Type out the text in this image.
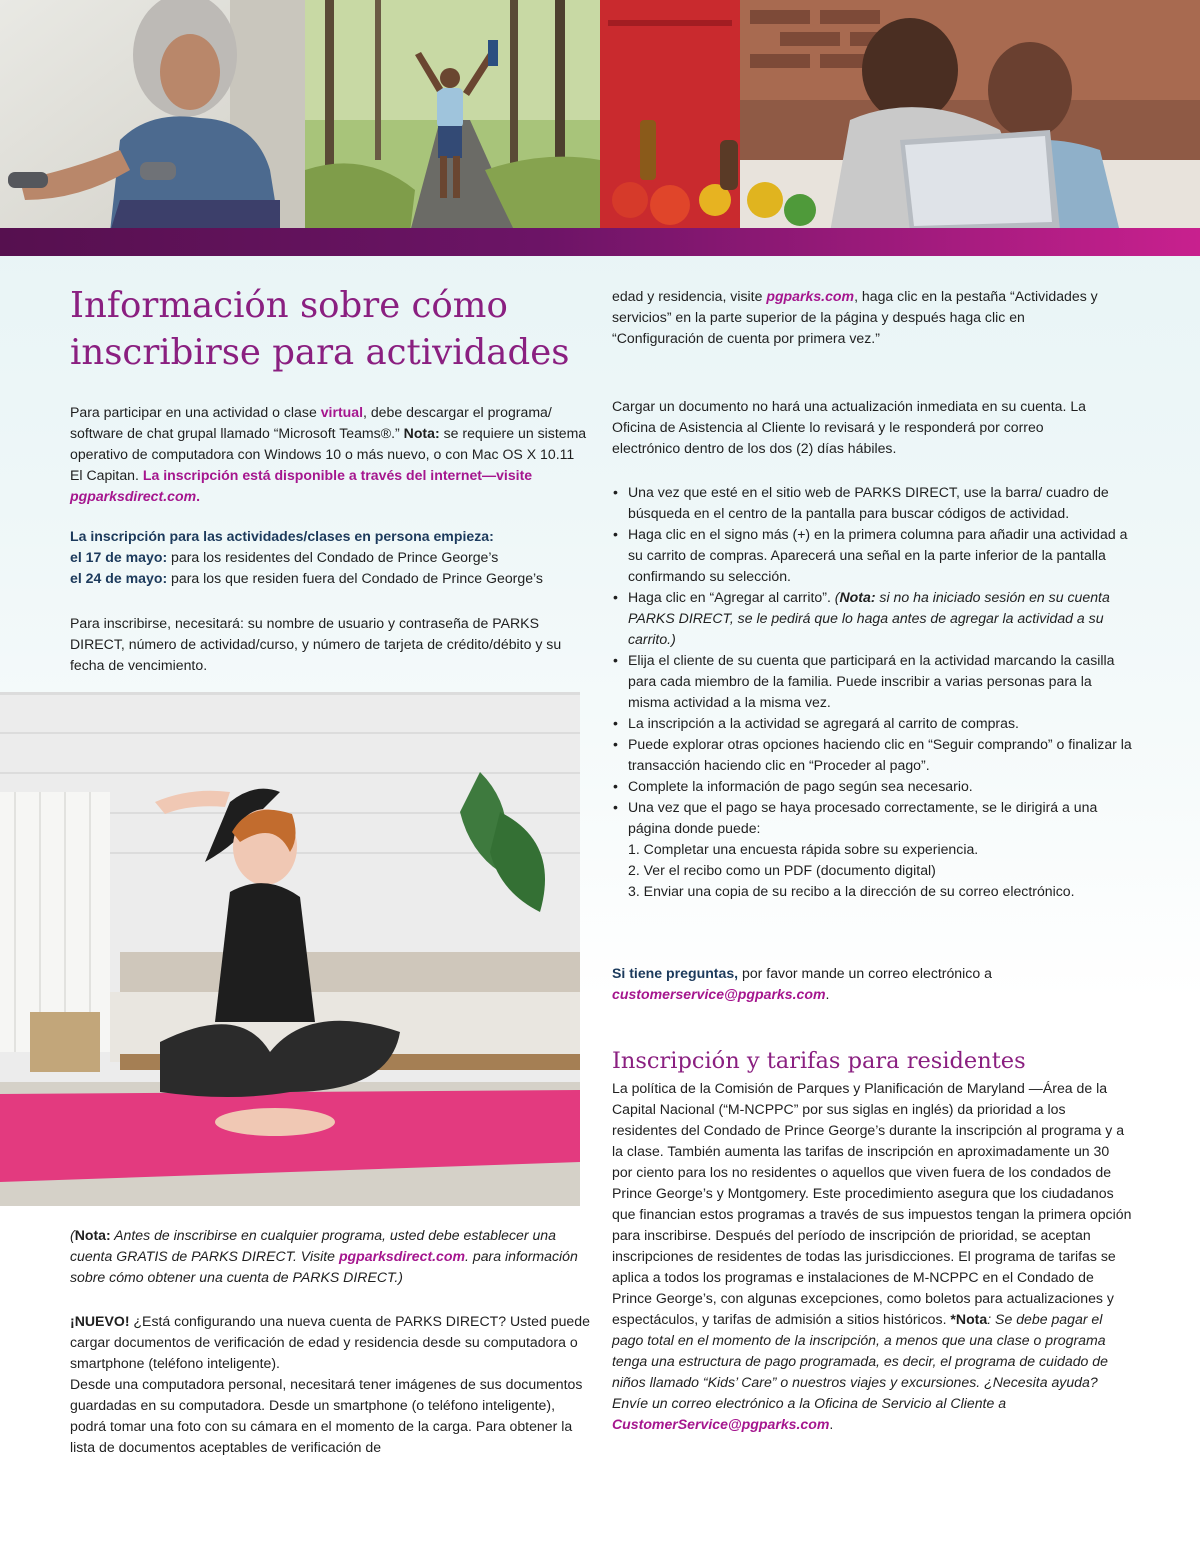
Información sobre cómo
inscribirse para actividades

Para participar en una actividad o clase virtual, debe descargar el programa/ software de chat grupal llamado “Microsoft Teams®.” Nota: se requiere un sistema operativo de computadora con Windows 10 o más nuevo, o con Mac OS X 10.11 El Capitan. La inscripción está disponible a través del internet—visite pgparksdirect.com.

La inscripción para las actividades/clases en persona empieza:

el 17 de mayo: para los residentes del Condado de Prince George’s

el 24 de mayo: para los que residen fuera del Condado de Prince George’s

Para inscribirse, necesitará: su nombre de usuario y contraseña de PARKS DIRECT, número de actividad/curso, y número de tarjeta de crédito/débito y su fecha de vencimiento.

(Nota: Antes de inscribirse en cualquier programa, usted debe establecer una cuenta GRATIS de PARKS DIRECT. Visite pgparksdirect.com. para información sobre cómo obtener una cuenta de PARKS DIRECT.)

¡NUEVO! ¿Está configurando una nueva cuenta de PARKS DIRECT? Usted puede cargar documentos de verificación de edad y residencia desde su computadora o smartphone (teléfono inteligente).

Desde una computadora personal, necesitará tener imágenes de sus documentos guardadas en su computadora. Desde un smartphone (o teléfono inteligente), podrá tomar una foto con su cámara en el momento de la carga. Para obtener la lista de documentos aceptables de verificación de

edad y residencia, visite pgparks.com, haga clic en la pestaña “Actividades y servicios” en la parte superior de la página y después haga clic en “Configuración de cuenta por primera vez.”

Cargar un documento no hará una actualización inmediata en su cuenta. La Oficina de Asistencia al Cliente lo revisará y le responderá por correo electrónico dentro de los dos (2) días hábiles.

• Una vez que esté en el sitio web de PARKS DIRECT, use la barra/ cuadro de búsqueda en el centro de la pantalla para buscar códigos de actividad.
• Haga clic en el signo más (+) en la primera columna para añadir una actividad a su carrito de compras. Aparecerá una señal en la parte inferior de la pantalla confirmando su selección.
• Haga clic en “Agregar al carrito”. (Nota: si no ha iniciado sesión en su cuenta PARKS DIRECT, se le pedirá que lo haga antes de agregar la actividad a su carrito.)
• Elija el cliente de su cuenta que participará en la actividad marcando la casilla para cada miembro de la familia. Puede inscribir a varias personas para la misma actividad a la misma vez.
• La inscripción a la actividad se agregará al carrito de compras.
• Puede explorar otras opciones haciendo clic en “Seguir comprando” o finalizar la transacción haciendo clic en “Proceder al pago”.
• Complete la información de pago según sea necesario.
• Una vez que el pago se haya procesado correctamente, se le dirigirá a una página donde puede:
1. Completar una encuesta rápida sobre su experiencia.
2. Ver el recibo como un PDF (documento digital)
3. Enviar una copia de su recibo a la dirección de su correo electrónico.

Si tiene preguntas, por favor mande un correo electrónico a customerservice@pgparks.com.

Inscripción y tarifas para residentes

La política de la Comisión de Parques y Planificación de Maryland —Área de la Capital Nacional (“M-NCPPC” por sus siglas en inglés) da prioridad a los residentes del Condado de Prince George’s durante la inscripción al programa y a la clase. También aumenta las tarifas de inscripción en aproximadamente un 30 por ciento para los no residentes o aquellos que viven fuera de los condados de Prince George’s y Montgomery. Este procedimiento asegura que los ciudadanos que financian estos programas a través de sus impuestos tengan la primera opción para inscribirse. Después del período de inscripción de prioridad, se aceptan inscripciones de residentes de todas las jurisdicciones. El programa de tarifas se aplica a todos los programas e instalaciones de M-NCPPC en el Condado de Prince George’s, con algunas excepciones, como boletos para actualizaciones y espectáculos, y tarifas de admisión a sitios históricos. *Nota: Se debe pagar el pago total en el momento de la inscripción, a menos que una clase o programa tenga una estructura de pago programada, es decir, el programa de cuidado de niños llamado “Kids’ Care” o nuestros viajes y excursiones. ¿Necesita ayuda? Envíe un correo electrónico a la Oficina de Servicio al Cliente a CustomerService@pgparks.com.
